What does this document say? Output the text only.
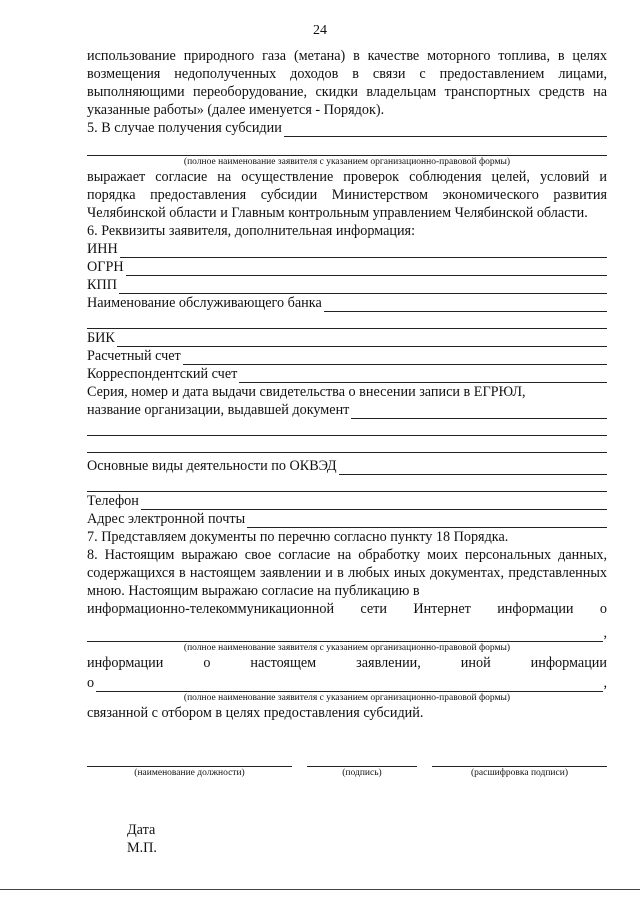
24

использование природного газа (метана) в качестве моторного топлива, в целях возмещения недополученных доходов в связи с предоставлением лицами, выполняющими переоборудование, скидки владельцам транспортных средств на указанные работы» (далее именуется - Порядок).

5. В случае получения субсидии

(полное наименование заявителя с указанием организационно-правовой формы)

выражает согласие на осуществление проверок соблюдения целей, условий и порядка предоставления субсидии Министерством экономического развития Челябинской области и Главным контрольным управлением Челябинской области.

6. Реквизиты заявителя, дополнительная информация:

ИНН
ОГРН
КПП
Наименование обслуживающего банка
БИК
Расчетный счет
Корреспондентский счет

Серия, номер и дата выдачи свидетельства о внесении записи в ЕГРЮЛ,

название организации, выдавшей документ
Основные виды деятельности по ОКВЭД
Телефон
Адрес электронной почты

7. Представляем документы по перечню согласно пункту 18 Порядка.

8. Настоящим выражаю свое согласие на обработку моих персональных данных, содержащихся в настоящем заявлении и в любых иных документах, представленных мною. Настоящим выражаю согласие на публикацию в

информационно-телекоммуникационной сети Интернет информации о
,

(полное наименование заявителя с указанием организационно-правовой формы)

информации	о	настоящем	заявлении,	иной	информации
о	,

(полное наименование заявителя с указанием организационно-правовой формы)

связанной с отбором в целях предоставления субсидий.

(наименование должности)	(подпись)	(расшифровка подписи)
Дата
М.П.
